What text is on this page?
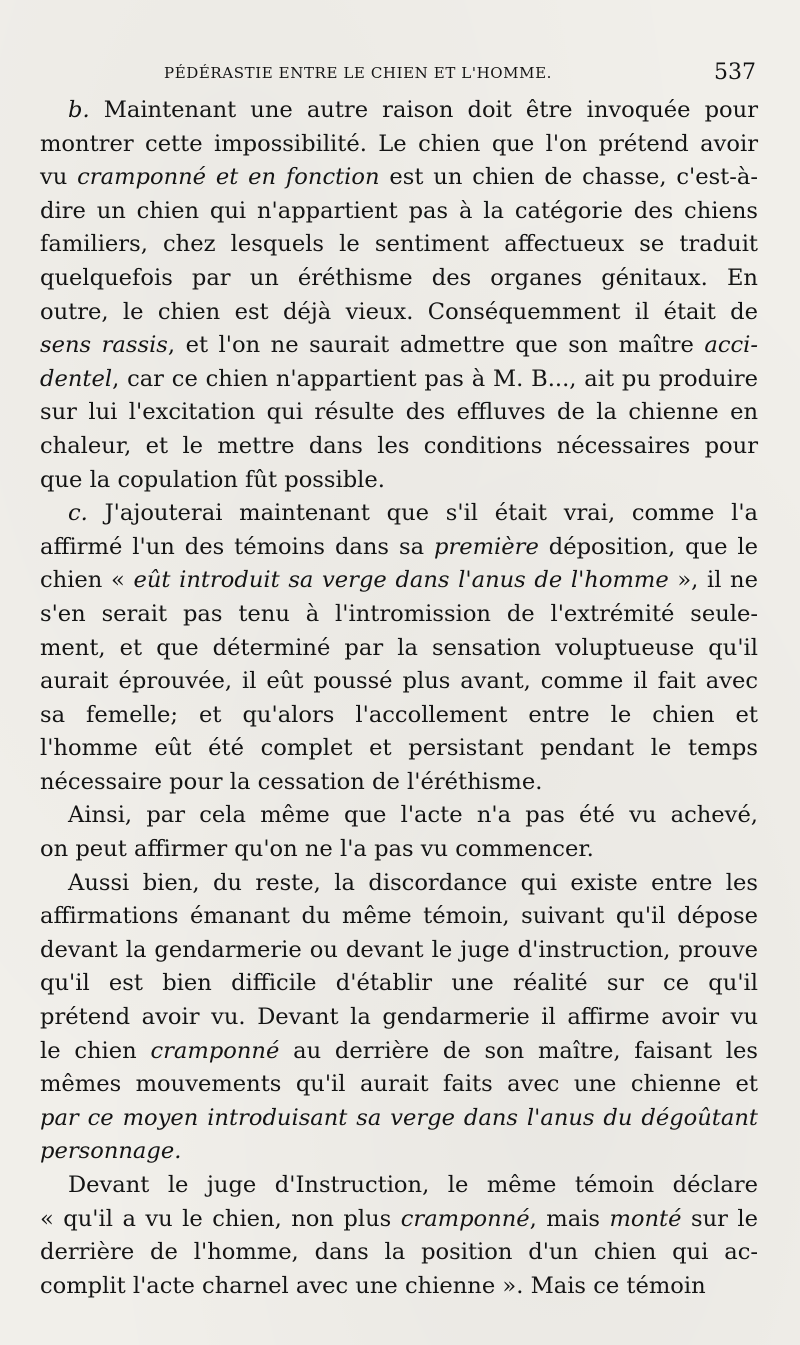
PÉDÉRASTIE ENTRE LE CHIEN ET L'HOMME.	537

b. Maintenant une autre raison doit être invoquée pour
montrer cette impossibilité. Le chien que l'on prétend avoir
vu cramponné et en fonction est un chien de chasse, c'est-à-
dire un chien qui n'appartient pas à la catégorie des chiens
familiers, chez lesquels le sentiment affectueux se traduit
quelquefois par un éréthisme des organes génitaux. En
outre, le chien est déjà vieux. Conséquemment il était de
sens rassis, et l'on ne saurait admettre que son maître acci-
dentel, car ce chien n'appartient pas à M. B..., ait pu produire
sur lui l'excitation qui résulte des effluves de la chienne en
chaleur, et le mettre dans les conditions nécessaires pour
que la copulation fût possible.

c. J'ajouterai maintenant que s'il était vrai, comme l'a
affirmé l'un des témoins dans sa première déposition, que le
chien « eût introduit sa verge dans l'anus de l'homme », il ne
s'en serait pas tenu à l'intromission de l'extrémité seule-
ment, et que déterminé par la sensation voluptueuse qu'il
aurait éprouvée, il eût poussé plus avant, comme il fait avec
sa femelle; et qu'alors l'accollement entre le chien et
l'homme eût été complet et persistant pendant le temps
nécessaire pour la cessation de l'éréthisme.

Ainsi, par cela même que l'acte n'a pas été vu achevé,
on peut affirmer qu'on ne l'a pas vu commencer.

Aussi bien, du reste, la discordance qui existe entre les
affirmations émanant du même témoin, suivant qu'il dépose
devant la gendarmerie ou devant le juge d'instruction, prouve
qu'il est bien difficile d'établir une réalité sur ce qu'il
prétend avoir vu. Devant la gendarmerie il affirme avoir vu
le chien cramponné au derrière de son maître, faisant les
mêmes mouvements qu'il aurait faits avec une chienne et
par ce moyen introduisant sa verge dans l'anus du dégoûtant
personnage.

Devant le juge d'Instruction, le même témoin déclare
« qu'il a vu le chien, non plus cramponné, mais monté sur le
derrière de l'homme, dans la position d'un chien qui ac-
complit l'acte charnel avec une chienne ». Mais ce témoin
